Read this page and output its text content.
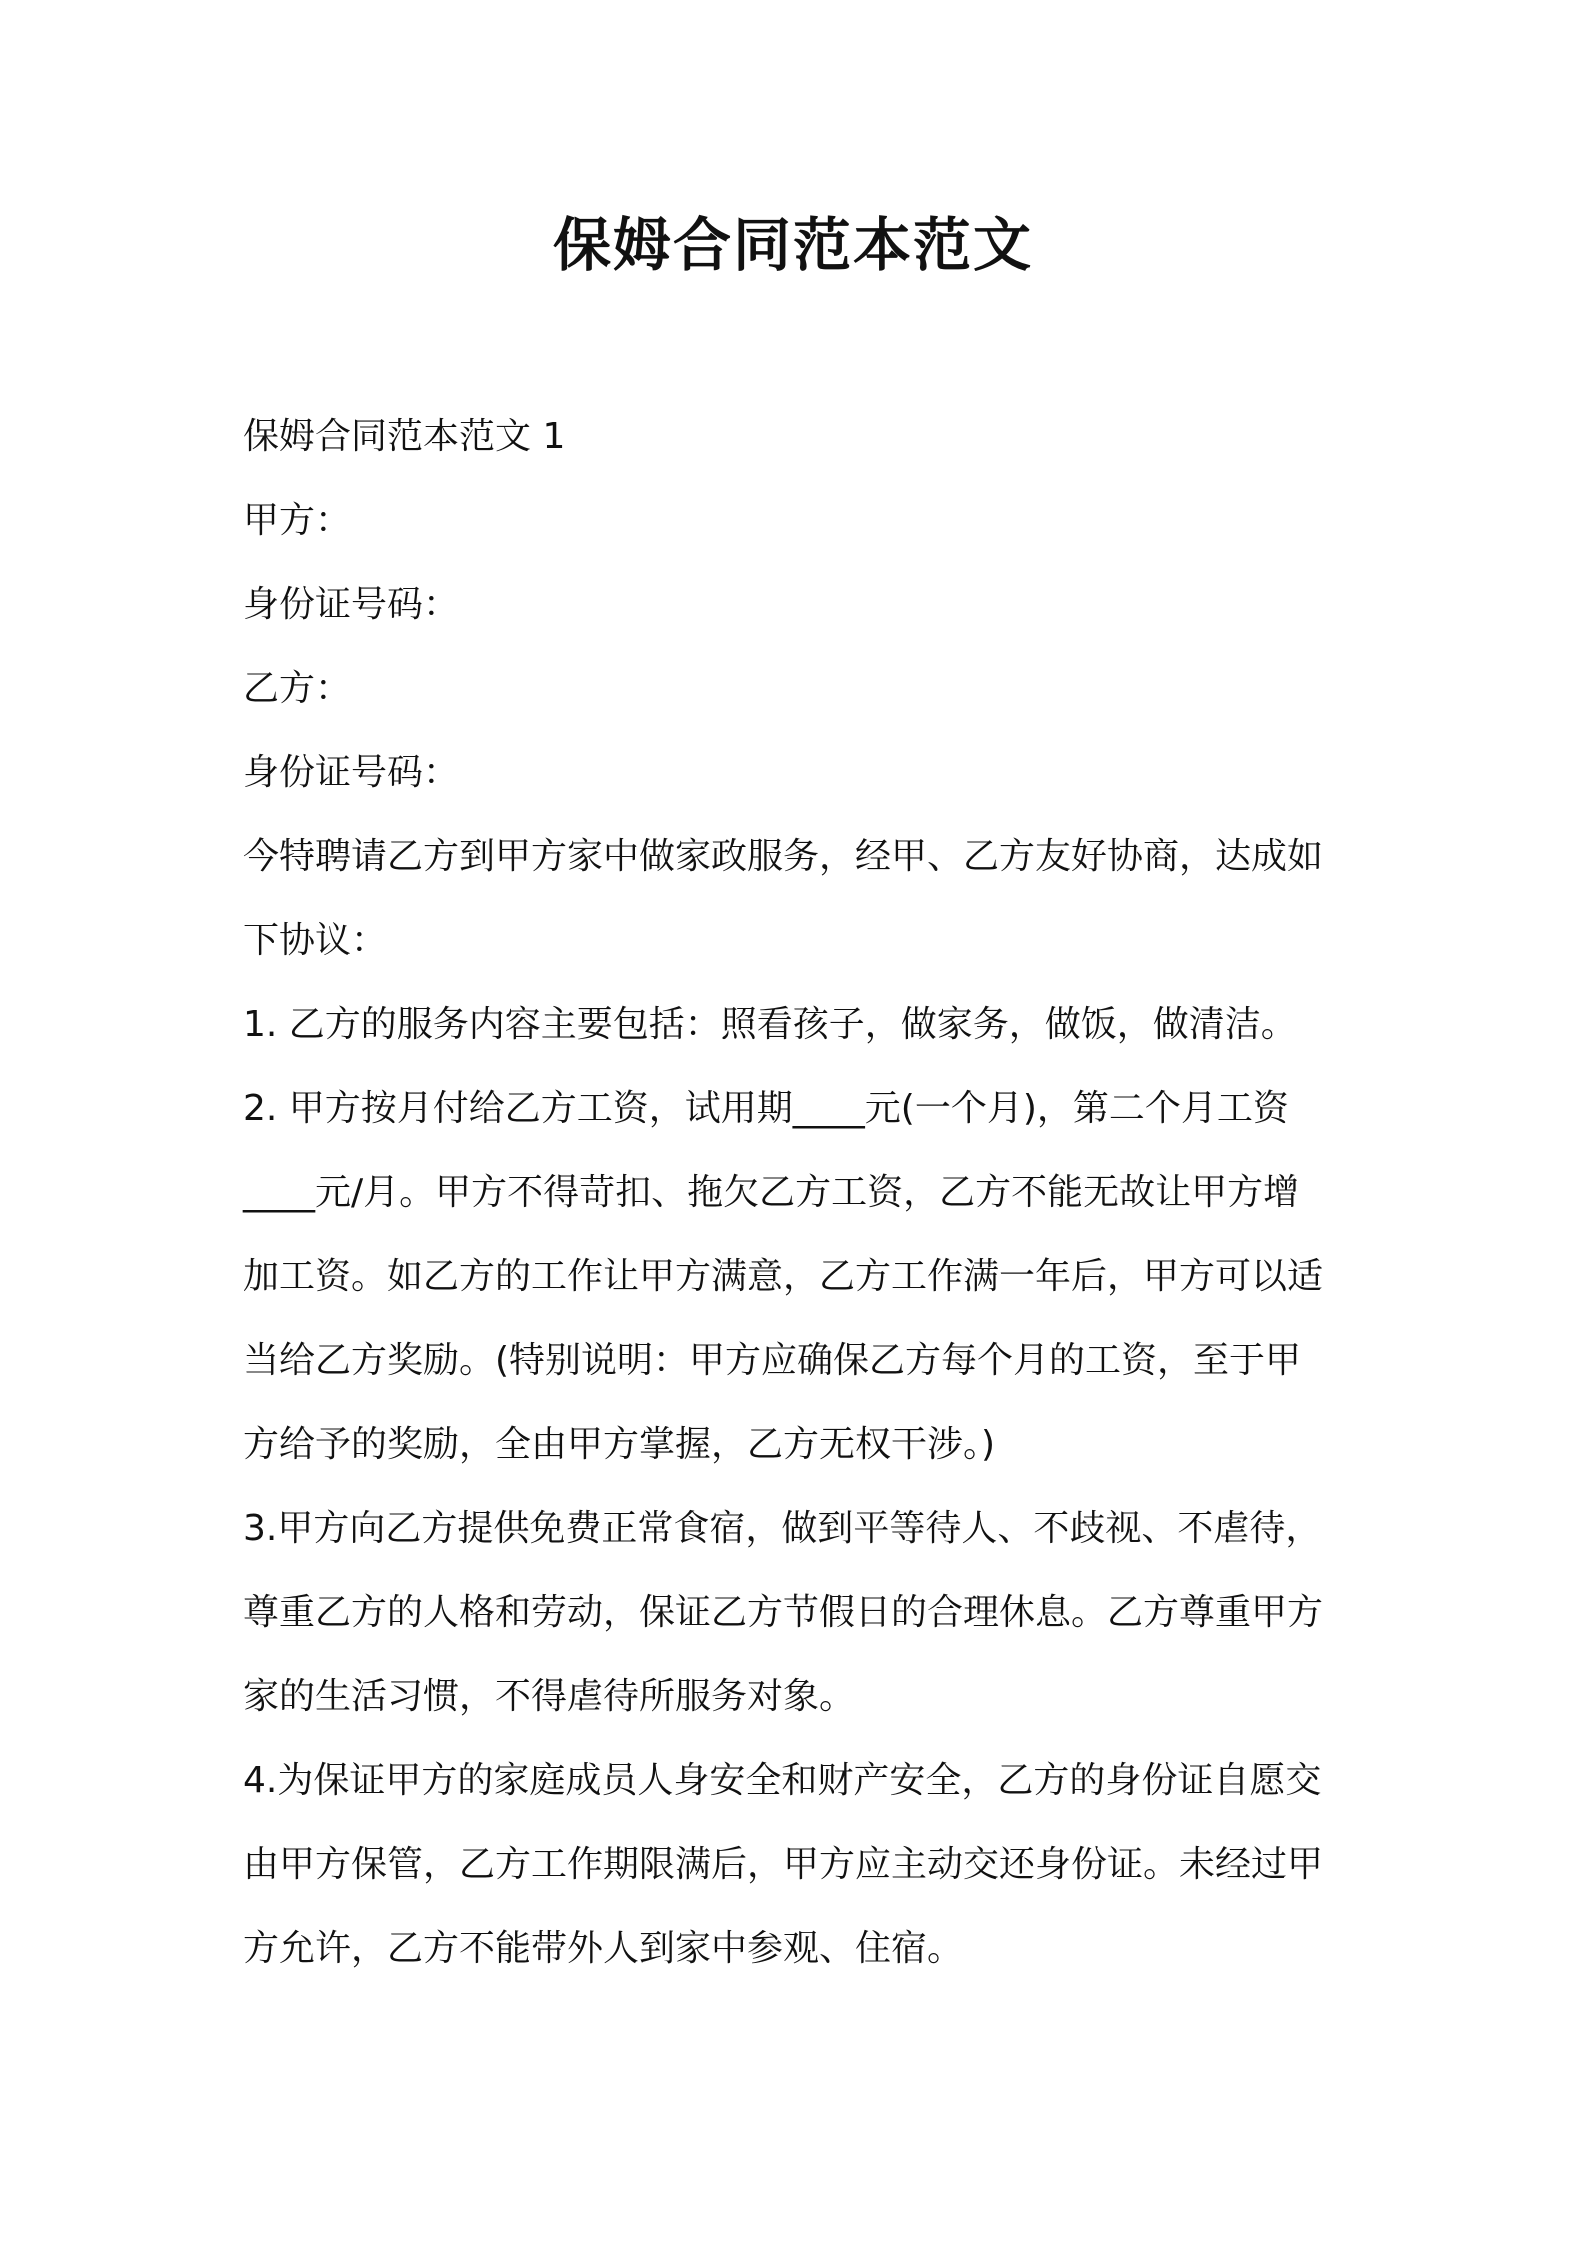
保姆合同范本范文

保姆合同范本范文 1

甲方：

身份证号码：

乙方：

身份证号码：

今特聘请乙方到甲方家中做家政服务，经甲、乙方友好协商，达成如

下协议：

1. 乙方的服务内容主要包括：照看孩子，做家务，做饭，做清洁。

2. 甲方按月付给乙方工资，试用期____元(一个月)，第二个月工资

____元/月。甲方不得苛扣、拖欠乙方工资，乙方不能无故让甲方增

加工资。如乙方的工作让甲方满意，乙方工作满一年后，甲方可以适

当给乙方奖励。(特别说明：甲方应确保乙方每个月的工资，至于甲

方给予的奖励，全由甲方掌握，乙方无权干涉。)

3.甲方向乙方提供免费正常食宿，做到平等待人、不歧视、不虐待，

尊重乙方的人格和劳动，保证乙方节假日的合理休息。乙方尊重甲方

家的生活习惯，不得虐待所服务对象。

4.为保证甲方的家庭成员人身安全和财产安全，乙方的身份证自愿交

由甲方保管，乙方工作期限满后，甲方应主动交还身份证。未经过甲

方允许，乙方不能带外人到家中参观、住宿。
